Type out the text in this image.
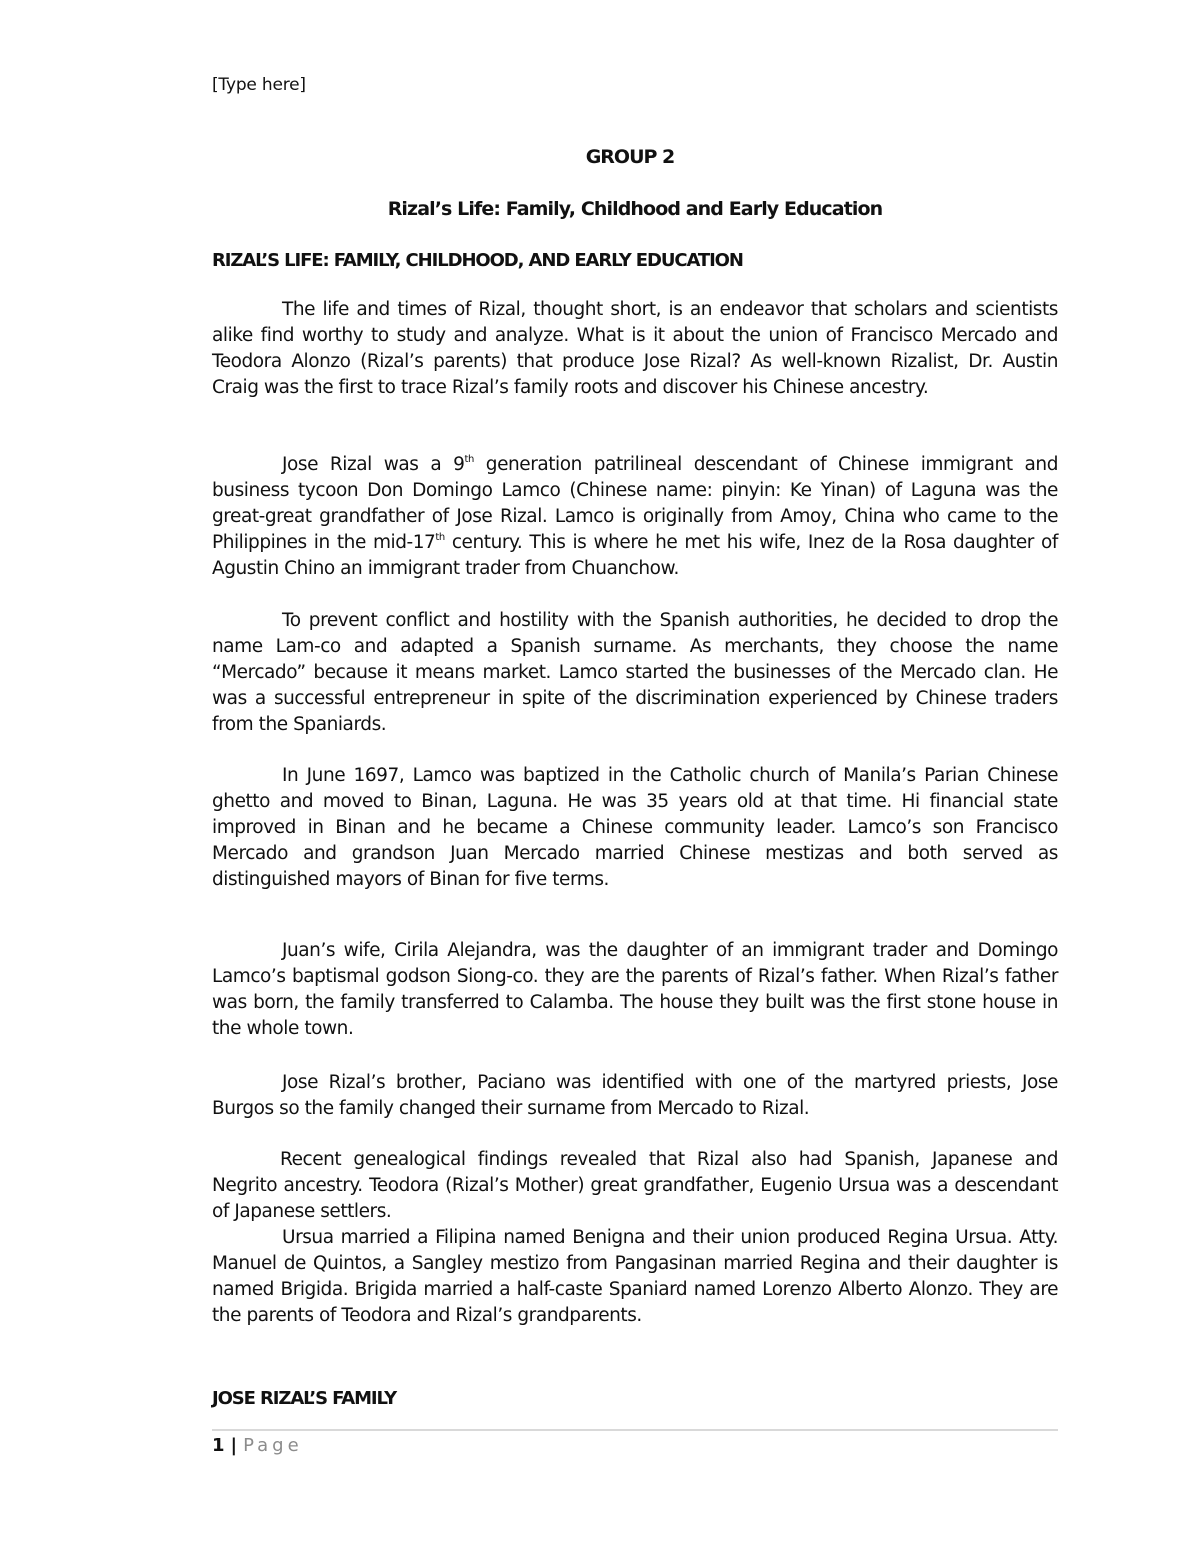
[Type here]
GROUP 2
Rizal’s Life: Family, Childhood and Early Education
RIZAL’S LIFE: FAMILY, CHILDHOOD, AND EARLY EDUCATION

The life and times of Rizal, thought short, is an endeavor that scholars and scientists alike find worthy to study and analyze. What is it about the union of Francisco Mercado and Teodora Alonzo (Rizal’s parents) that produce Jose Rizal? As well-known Rizalist, Dr. Austin Craig was the first to trace Rizal’s family roots and discover his Chinese ancestry.

Jose Rizal was a 9th generation patrilineal descendant of Chinese immigrant and business tycoon Don Domingo Lamco (Chinese name: pinyin: Ke Yinan) of Laguna was the great-great grandfather of Jose Rizal. Lamco is originally from Amoy, China who came to the Philippines in the mid-17th century. This is where he met his wife, Inez de la Rosa daughter of Agustin Chino an immigrant trader from Chuanchow.

To prevent conflict and hostility with the Spanish authorities, he decided to drop the name Lam-co and adapted a Spanish surname. As merchants, they choose the name “Mercado” because it means market. Lamco started the businesses of the Mercado clan. He was a successful entrepreneur in spite of the discrimination experienced by Chinese traders from the Spaniards.

In June 1697, Lamco was baptized in the Catholic church of Manila’s Parian Chinese ghetto and moved to Binan, Laguna. He was 35 years old at that time. Hi financial state improved in Binan and he became a Chinese community leader. Lamco’s son Francisco Mercado and grandson Juan Mercado married Chinese mestizas and both served as distinguished mayors of Binan for five terms.

Juan’s wife, Cirila Alejandra, was the daughter of an immigrant trader and Domingo Lamco’s baptismal godson Siong-co. they are the parents of Rizal’s father. When Rizal’s father was born, the family transferred to Calamba. The house they built was the first stone house in the whole town.

Jose Rizal’s brother, Paciano was identified with one of the martyred priests, Jose Burgos so the family changed their surname from Mercado to Rizal.

Recent genealogical findings revealed that Rizal also had Spanish, Japanese and Negrito ancestry. Teodora (Rizal’s Mother) great grandfather, Eugenio Ursua was a descendant of Japanese settlers.

Ursua married a Filipina named Benigna and their union produced Regina Ursua. Atty. Manuel de Quintos, a Sangley mestizo from Pangasinan married Regina and their daughter is named Brigida. Brigida married a half-caste Spaniard named Lorenzo Alberto Alonzo. They are the parents of Teodora and Rizal’s grandparents.

JOSE RIZAL’S FAMILY
1 | Page
